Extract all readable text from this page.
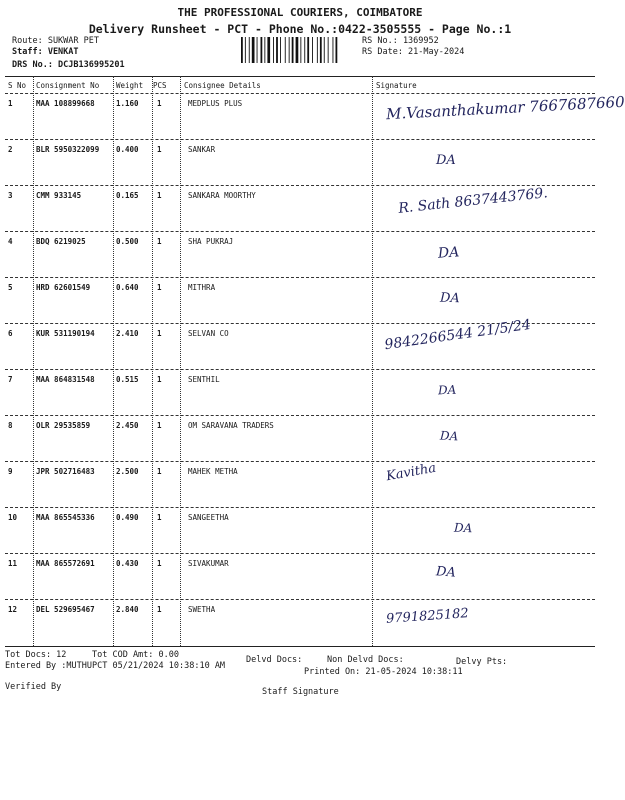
THE PROFESSIONAL COURIERS, COIMBATORE
Delivery Runsheet - PCT - Phone No.:0422-3505555 - Page No.:1
Route: SUKWAR PET
Staff: VENKAT
DRS No.: DCJB136995201
RS No.: 1369952
RS Date: 21-May-2024
S No Consignment No Weight PCS Consignee Details	Signature
1	MAA 108899668	1.160 1	MEDPLUS PLUS	M.Vasanthakumar 7667687660
2	BLR 5950322099 0.400 1	SANKAR
DA
3	CMM 933145	0.165 1	SANKARA MOORTHY	R. Sath 8637443769.
4	BDQ 6219025	0.500 1	SHA PUKRAJ
DA
5	HRD 62601549	0.640 1	MITHRA
DA
6	KUR 531190194	2.410 1	SELVAN CO	9842266544 21/5/24
7	MAA 864831548	0.515 1	SENTHIL
DA
8	OLR 29535859	2.450 1	OM SARAVANA TRADERS
DA
9	JPR 502716483	2.500 1	MAHEK METHA	Kavitha
10	MAA 865545336	0.490 1	SANGEETHA
DA
11	MAA 865572691	0.430 1	SIVAKUMAR
DA
12	DEL 529695467	2.840 1	SWETHA	9791825182
Tot Docs: 12	Tot COD Amt: 0.00	Delvd Docs:	Non Delvd Docs:	Delvy Pts:
Entered By :MUTHUPCT 05/21/2024 10:38:10 AM
Printed On: 21-05-2024 10:38:11
Verified By	Staff Signature
